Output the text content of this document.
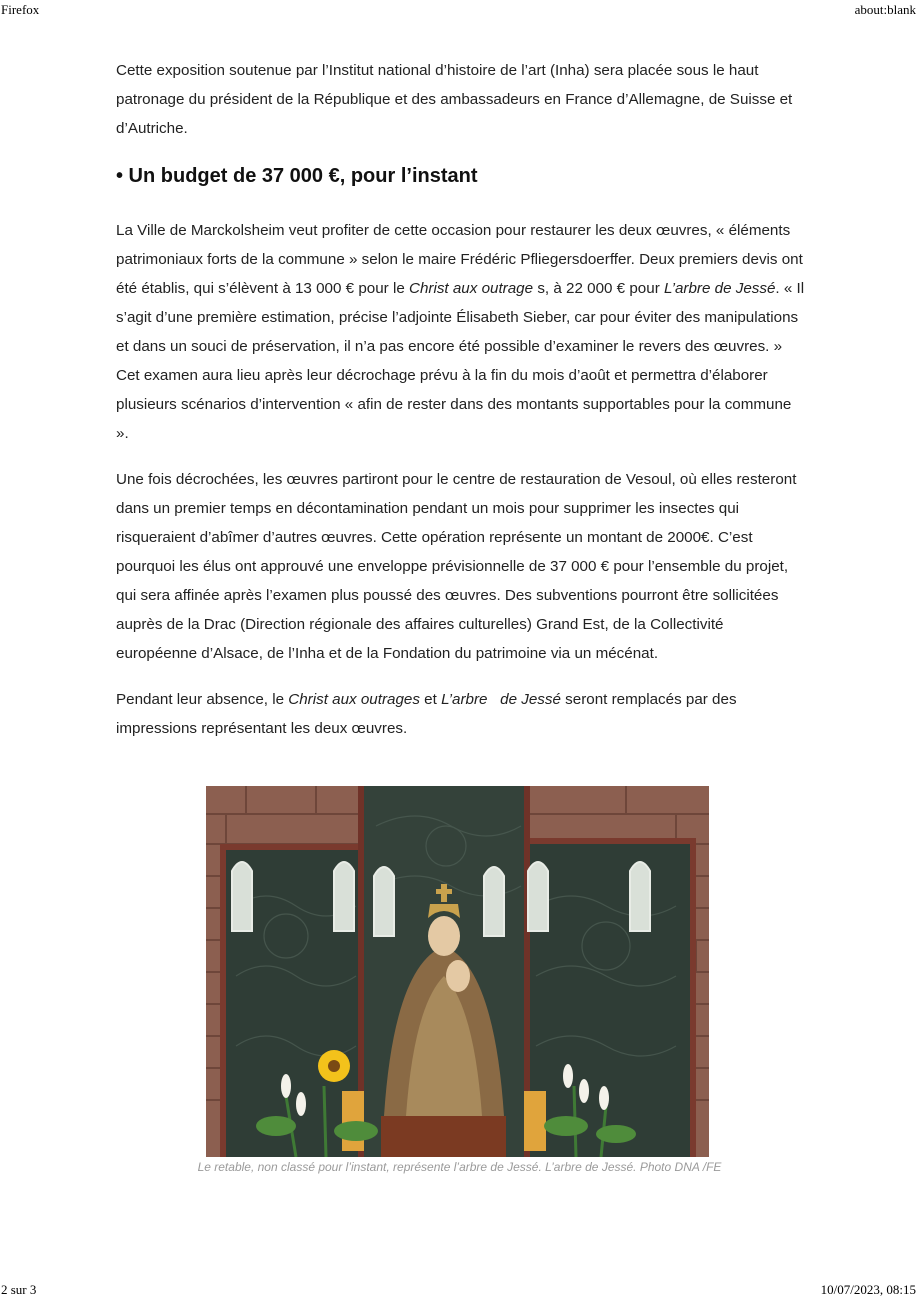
Firefox	about:blank

Cette exposition soutenue par l’Institut national d’histoire de l’art (Inha) sera placée sous le haut patronage du président de la République et des ambassadeurs en France d’Allemagne, de Suisse et d’Autriche.

• Un budget de 37 000 €, pour l’instant

La Ville de Marckolsheim veut profiter de cette occasion pour restaurer les deux œuvres, « éléments patrimoniaux forts de la commune » selon le maire Frédéric Pfliegersdoerffer. Deux premiers devis ont été établis, qui s’élèvent à 13 000 € pour le Christ aux outrage s, à 22 000 € pour L’arbre de Jessé. « Il s’agit d’une première estimation, précise l’adjointe Élisabeth Sieber, car pour éviter des manipulations et dans un souci de préservation, il n’a pas encore été possible d’examiner le revers des œuvres. » Cet examen aura lieu après leur décrochage prévu à la fin du mois d’août et permettra d’élaborer plusieurs scénarios d’intervention « afin de rester dans des montants supportables pour la commune ».

Une fois décrochées, les œuvres partiront pour le centre de restauration de Vesoul, où elles resteront dans un premier temps en décontamination pendant un mois pour supprimer les insectes qui risqueraient d’abîmer d’autres œuvres. Cette opération représente un montant de 2000€. C’est pourquoi les élus ont approuvé une enveloppe prévisionnelle de 37 000 € pour l’ensemble du projet, qui sera affinée après l’examen plus poussé des œuvres. Des subventions pourront être sollicitées auprès de la Drac (Direction régionale des affaires culturelles) Grand Est, de la Collectivité européenne d’Alsace, de l’Inha et de la Fondation du patrimoine via un mécénat.

Pendant leur absence, le Christ aux outrages et L’arbre   de Jessé seront remplacés par des impressions représentant les deux œuvres.

Le retable, non classé pour l’instant, représente l’arbre de Jessé. L’arbre de Jessé. Photo DNA /FE
2 sur 3	10/07/2023, 08:15
